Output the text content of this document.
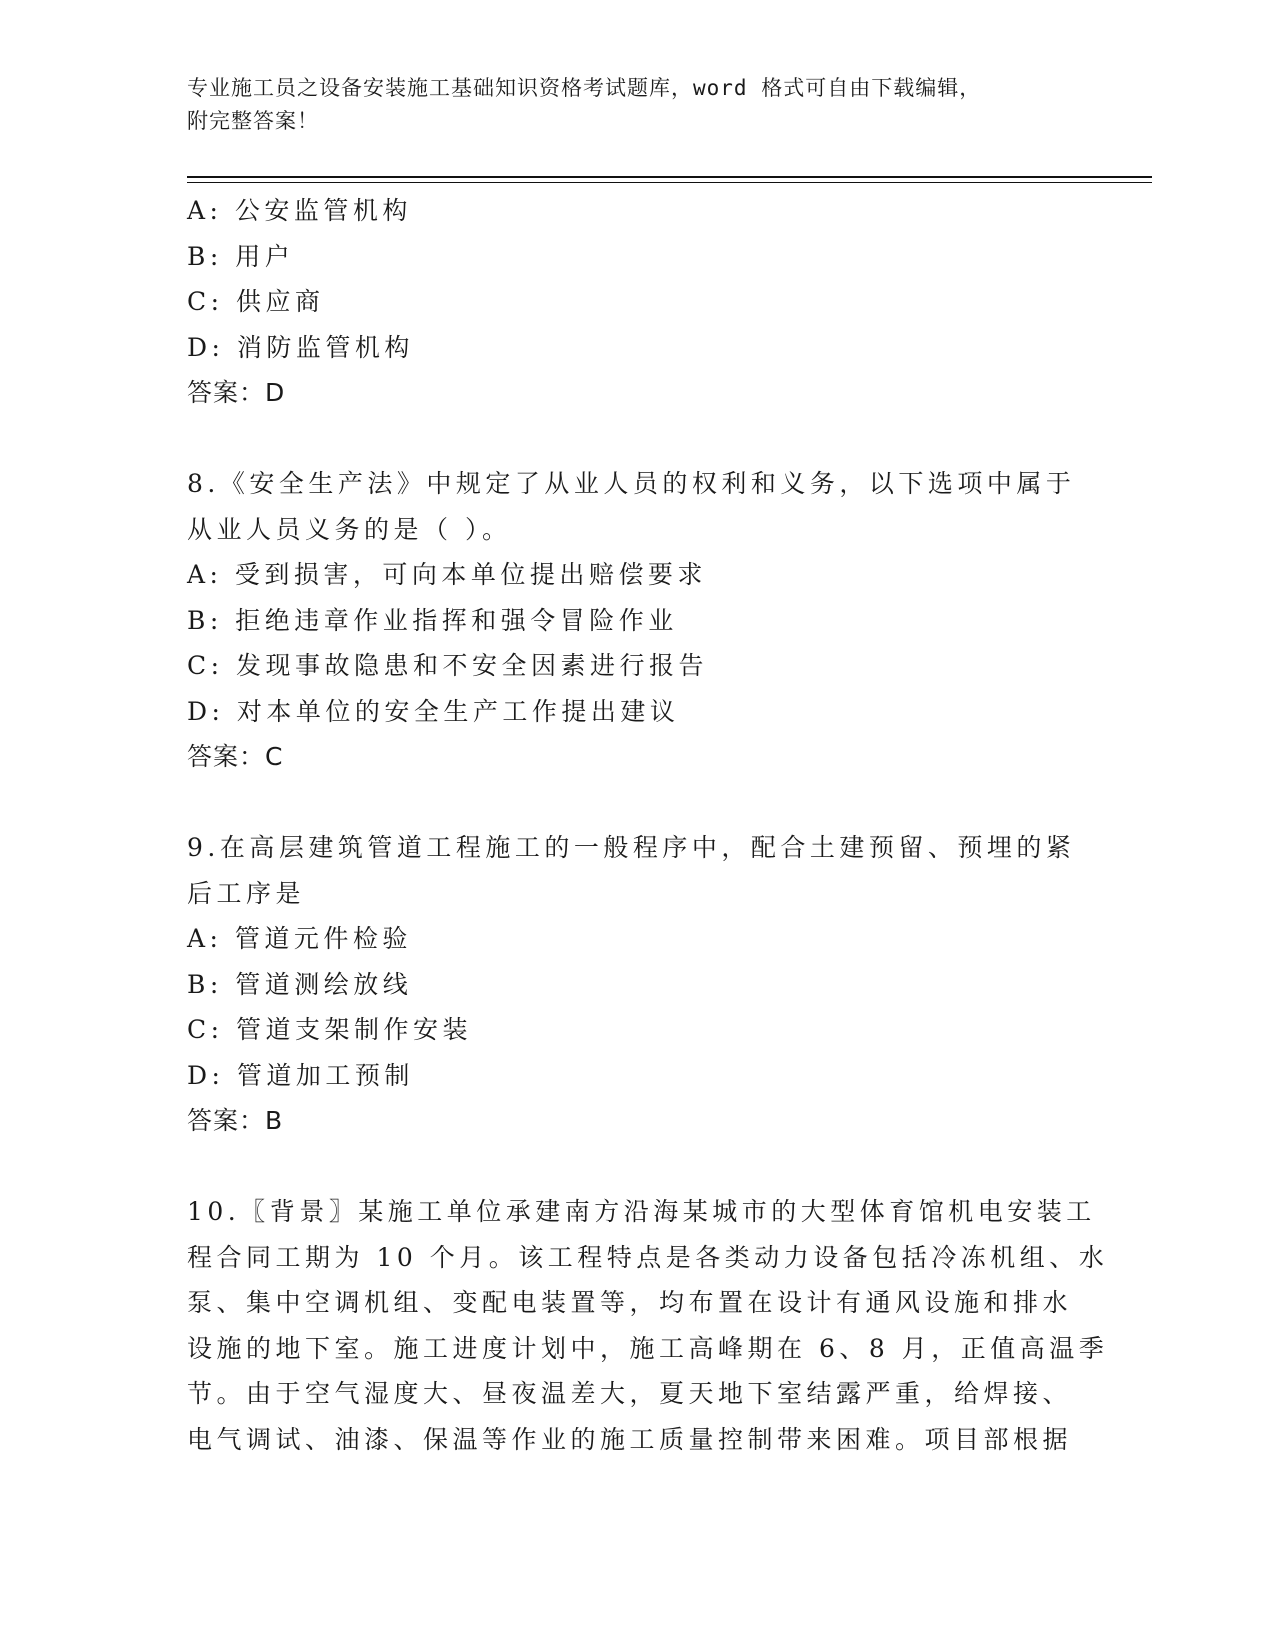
专业施工员之设备安装施工基础知识资格考试题库，word 格式可自由下载编辑，
附完整答案！
A: 公安监管机构
B: 用户
C: 供应商
D: 消防监管机构
答案：D
8.《安全生产法》中规定了从业人员的权利和义务，以下选项中属于
从业人员义务的是（ ）。
A: 受到损害，可向本单位提出赔偿要求
B: 拒绝违章作业指挥和强令冒险作业
C: 发现事故隐患和不安全因素进行报告
D: 对本单位的安全生产工作提出建议
答案：C
9.在高层建筑管道工程施工的一般程序中，配合土建预留、预埋的紧
后工序是
A: 管道元件检验
B: 管道测绘放线
C: 管道支架制作安装
D: 管道加工预制
答案：B
10.〖背景〗某施工单位承建南方沿海某城市的大型体育馆机电安装工
程合同工期为 10 个月。该工程特点是各类动力设备包括冷冻机组、水
泵、集中空调机组、变配电装置等，均布置在设计有通风设施和排水
设施的地下室。施工进度计划中，施工高峰期在 6、8 月，正值高温季
节。由于空气湿度大、昼夜温差大，夏天地下室结露严重，给焊接、
电气调试、油漆、保温等作业的施工质量控制带来困难。项目部根据
